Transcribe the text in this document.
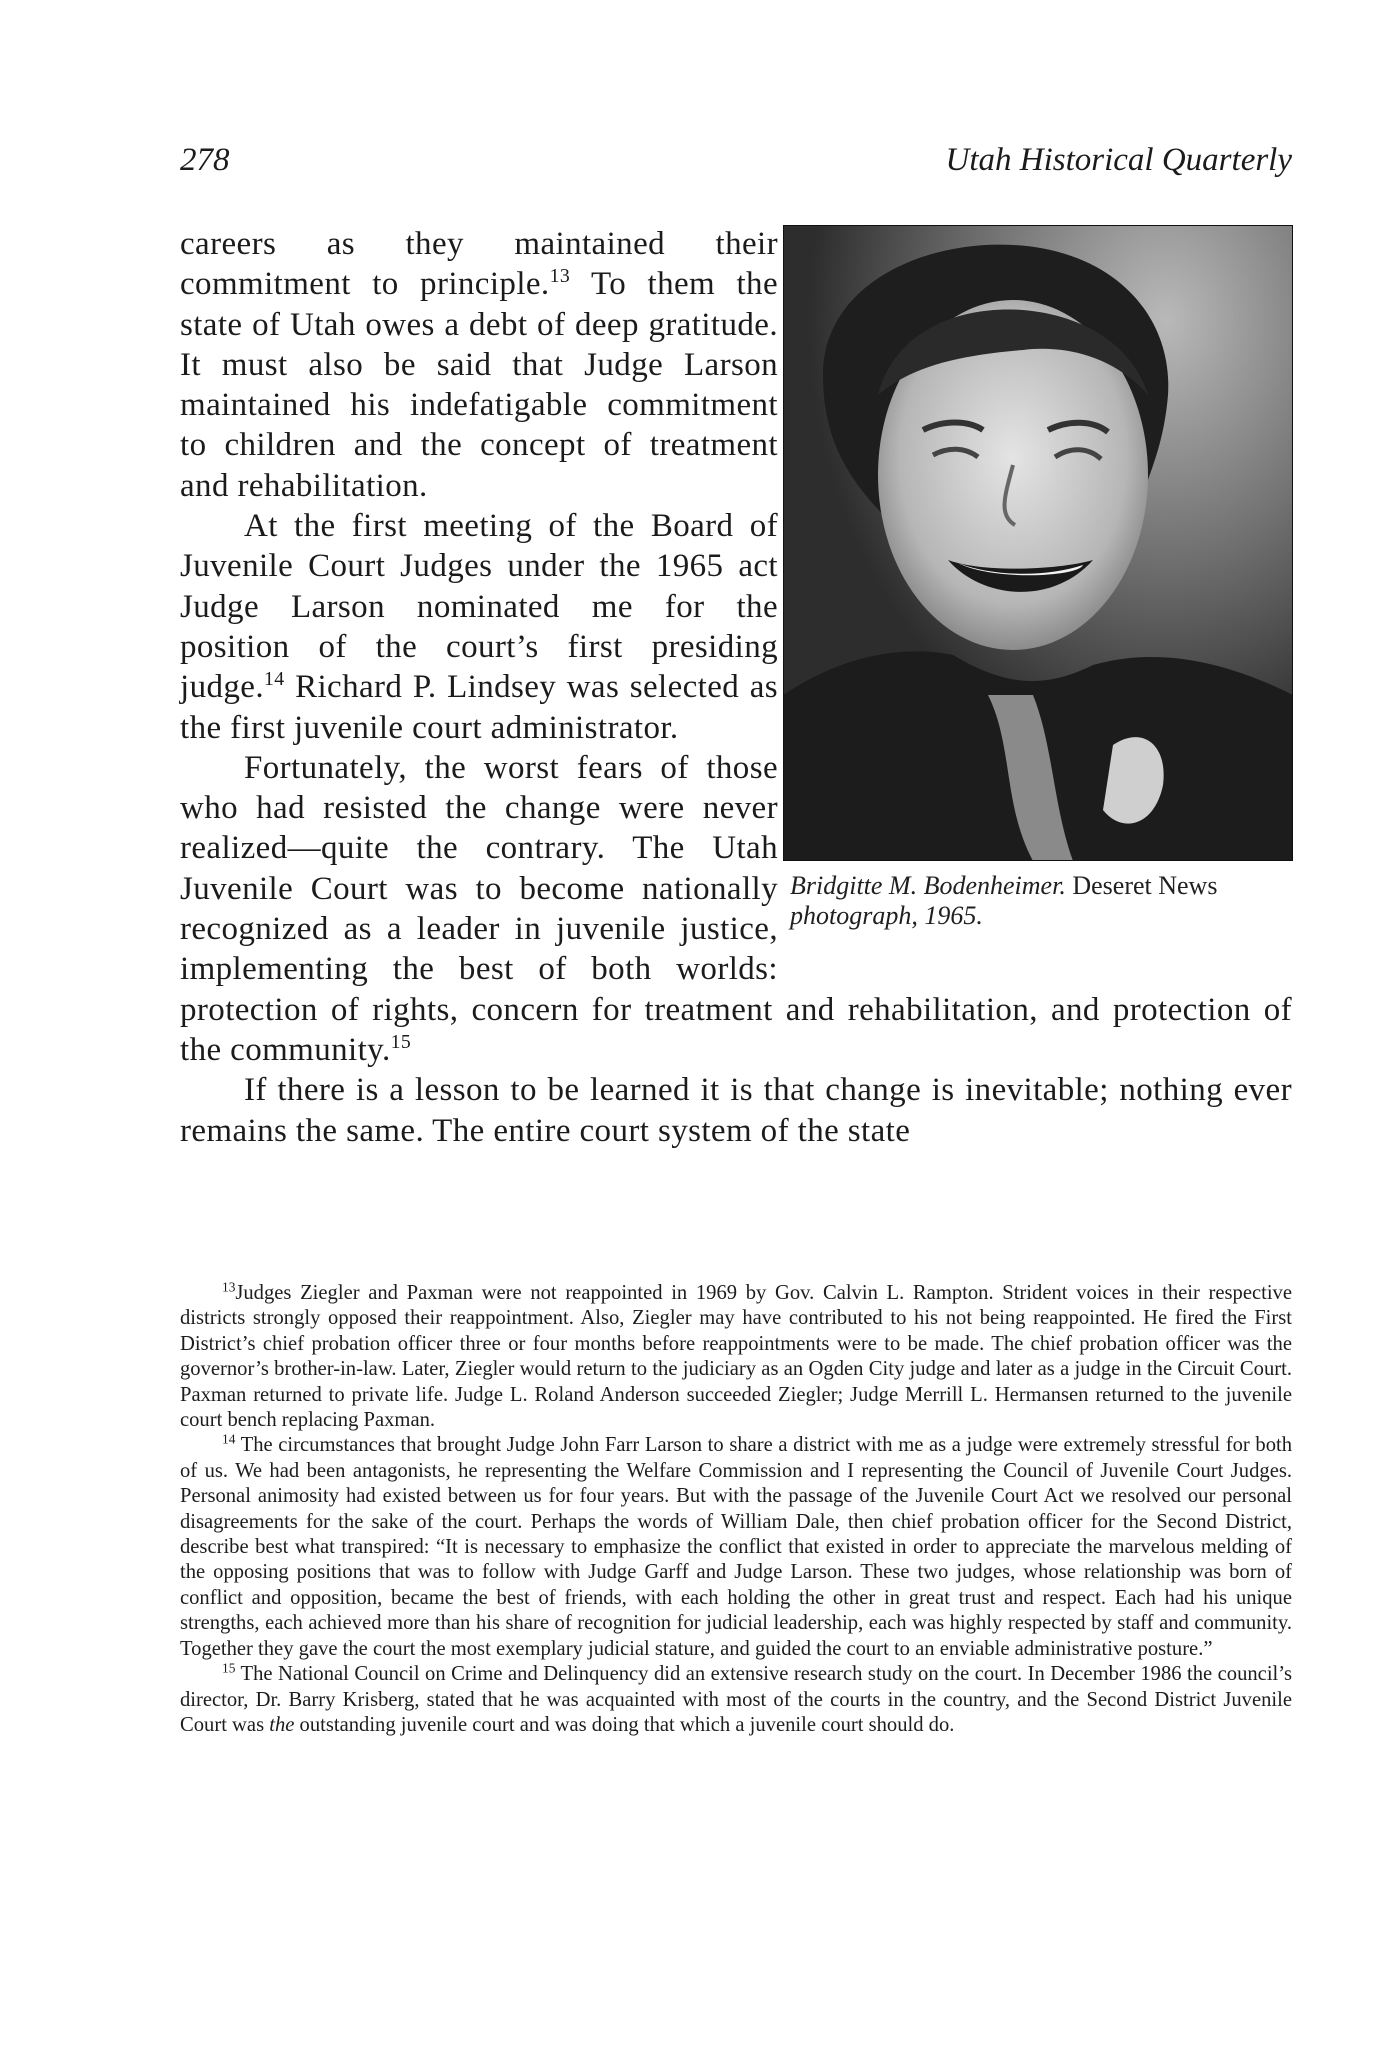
278	Utah Historical Quarterly
Bridgitte M. Bodenheimer. Deseret News photograph, 1965.

careers as they maintained their commitment to principle.$^{13}$ To them the state of Utah owes a debt of deep gratitude. It must also be said that Judge Larson maintained his indefatigable commitment to children and the concept of treatment and rehabilitation.

At the first meeting of the Board of Juvenile Court Judges under the 1965 act Judge Larson nominated me for the position of the court’s first presiding judge.$^{14}$ Richard P. Lindsey was selected as the first juvenile court administrator.

Fortunately, the worst fears of those who had resisted the change were never realized—quite the contrary. The Utah Juvenile Court was to become nationally recognized as a leader in juvenile justice, implementing the best of both worlds: protection of rights, concern for treatment and rehabilitation, and protection of the community.$^{15}$

If there is a lesson to be learned it is that change is inevitable; nothing ever remains the same. The entire court system of the state

$^{13}$Judges Ziegler and Paxman were not reappointed in 1969 by Gov. Calvin L. Rampton. Strident voices in their respective districts strongly opposed their reappointment. Also, Ziegler may have contributed to his not being reappointed. He fired the First District’s chief probation officer three or four months before reappointments were to be made. The chief probation officer was the governor’s brother-in-law. Later, Ziegler would return to the judiciary as an Ogden City judge and later as a judge in the Circuit Court. Paxman returned to private life. Judge L. Roland Anderson succeeded Ziegler; Judge Merrill L. Hermansen returned to the juvenile court bench replacing Paxman.

$^{14}$ The circumstances that brought Judge John Farr Larson to share a district with me as a judge were extremely stressful for both of us. We had been antagonists, he representing the Welfare Commission and I representing the Council of Juvenile Court Judges. Personal animosity had existed between us for four years. But with the passage of the Juvenile Court Act we resolved our personal disagreements for the sake of the court. Perhaps the words of William Dale, then chief probation officer for the Second District, describe best what transpired: “It is necessary to emphasize the conflict that existed in order to appreciate the marvelous melding of the opposing positions that was to follow with Judge Garff and Judge Larson. These two judges, whose relationship was born of conflict and opposition, became the best of friends, with each holding the other in great trust and respect. Each had his unique strengths, each achieved more than his share of recognition for judicial leadership, each was highly respected by staff and community. Together they gave the court the most exemplary judicial stature, and guided the court to an enviable administrative posture.”

$^{15}$ The National Council on Crime and Delinquency did an extensive research study on the court. In December 1986 the council’s director, Dr. Barry Krisberg, stated that he was acquainted with most of the courts in the country, and the Second District Juvenile Court was the outstanding juvenile court and was doing that which a juvenile court should do.
